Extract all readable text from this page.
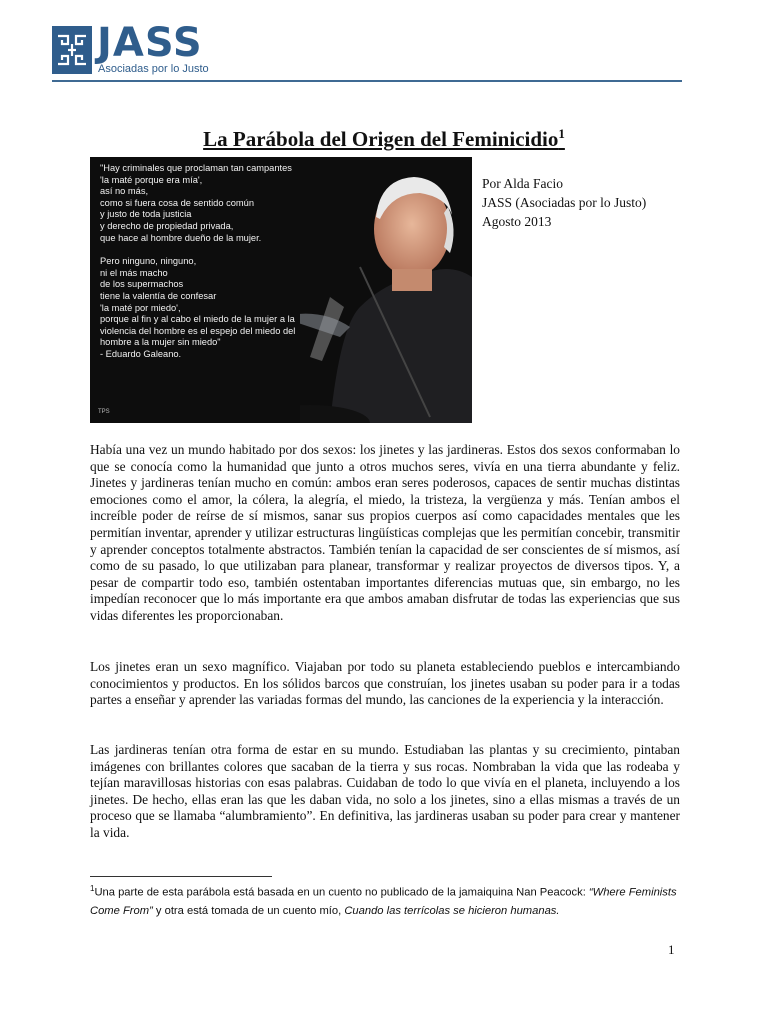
JASS
Asociadas por lo Justo
La Parábola del Origen del Feminicidio$^1$
"Hay criminales que proclaman tan campantes
'la maté porque era mía',
así no más,
como si fuera cosa de sentido común
y justo de toda justicia
y derecho de propiedad privada,
que hace al hombre dueño de la mujer.
Pero ninguno, ninguno,
ni el más macho
de los supermachos
tiene la valentía de confesar
'la maté por miedo',
porque al fin y al cabo el miedo de la mujer a la
violencia del hombre es el espejo del miedo del
hombre a la mujer sin miedo"
- Eduardo Galeano.
TPS
Por Alda Facio
JASS (Asociadas por lo Justo)
Agosto 2013
Había una vez un mundo habitado por dos sexos: los jinetes y las jardineras. Estos dos sexos conformaban lo que se conocía como la humanidad que junto a otros muchos seres, vivía en una tierra abundante y feliz. Jinetes y jardineras tenían mucho en común: ambos eran seres poderosos, capaces de sentir muchas distintas emociones como el amor, la cólera, la alegría, el miedo, la tristeza, la vergüenza y más. Tenían ambos el increíble poder de reírse de sí mismos, sanar sus propios cuerpos así como capacidades mentales que les permitían inventar, aprender y utilizar estructuras lingüísticas complejas que les permitían concebir, transmitir y aprender conceptos totalmente abstractos. También tenían la capacidad de ser conscientes de sí mismos, así como de su pasado, lo que utilizaban para planear, transformar y realizar proyectos de diversos tipos. Y, a pesar de compartir todo eso, también ostentaban importantes diferencias mutuas que, sin embargo, no les impedían reconocer que lo más importante era que ambos amaban disfrutar de todas las experiencias que sus vidas diferentes les proporcionaban.
Los jinetes eran un sexo magnífico. Viajaban por todo su planeta estableciendo pueblos e intercambiando conocimientos y productos. En los sólidos barcos que construían, los jinetes usaban su poder para ir a todas partes a enseñar y aprender las variadas formas del mundo, las canciones de la experiencia y la interacción.
Las jardineras tenían otra forma de estar en su mundo. Estudiaban las plantas y su crecimiento, pintaban imágenes con brillantes colores que sacaban de la tierra y sus rocas. Nombraban la vida que las rodeaba y tejían maravillosas historias con esas palabras. Cuidaban de todo lo que vivía en el planeta, incluyendo a los jinetes. De hecho, ellas eran las que les daban vida, no solo a los jinetes, sino a ellas mismas a través de un proceso que se llamaba “alumbramiento”. En definitiva, las jardineras usaban su poder para crear y mantener la vida.
$^1$Una parte de esta parábola está basada en un cuento no publicado de la jamaiquina Nan Peacock: “Where Feminists Come From” y otra está tomada de un cuento mío, Cuando las terrícolas se hicieron humanas.
1
